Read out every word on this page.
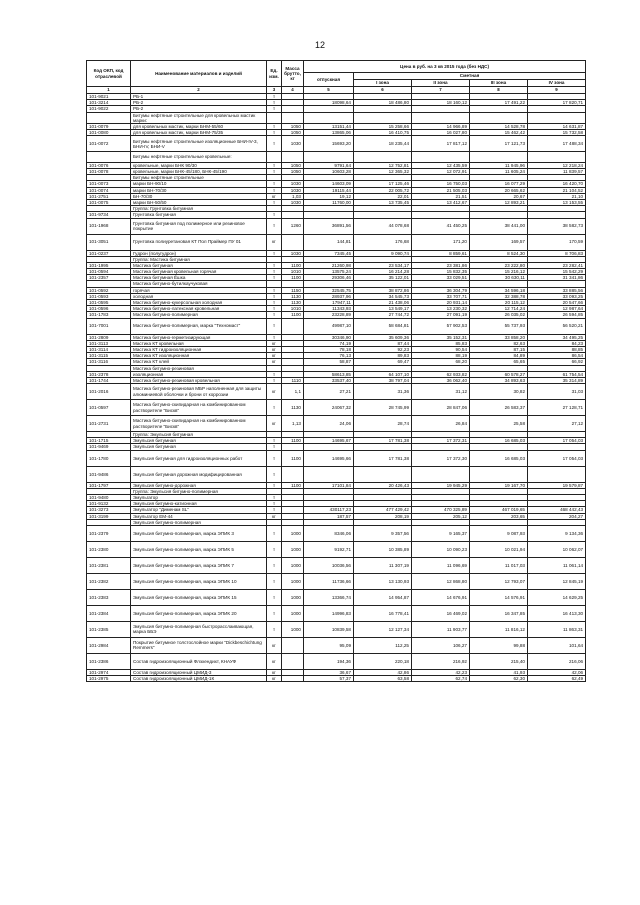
12
Код ОКП, код отраслевой	Наименование материалов и изделий	Ед. изм.	Масса брутто, кг	Цена в руб. на 3 кв 2015 года (без НДС)				
				отпускная	Сметная			
					I зона	II зона	III зона	IV зона
1	2	3	4	5	6	7	8	9
101-9021	РБ-1	т						
101-3214	РБ-2	т		18098,64	18 486,80	18 160,12	17 491,22	17 820,71
101-9022	РБ-2	т						
	Битумы нефтяные строительные для кровельных мастик марки:							
101-0079	для кровельных мастик, марки БНМ-55/60	т	1050	13151,44	15 258,66	14 966,89	14 528,78	14 631,87
101-0080	для кровельных мастик, марки БНМ-75/35	т	1050	13865,06	16 410,75	16 027,80	15 462,42	15 732,58
101-0072	Битумы нефтяные строительные изоляционные БНИ-IV-3, БНИ-IV, БНИ-V	т	1030	15693,20	18 235,44	17 817,12	17 121,73	17 488,34
	Битумы нефтяные строительные кровельные:							
101-0076	кровельные, марки БНК 90/30	т	1050	9791,64	12 752,81	12 435,59	11 945,96	12 218,24
101-0078	кровельные, марки БНК-45/180, БНК-45/190	т	1050	10603,28	12 365,32	12 072,91	11 605,24	11 839,57
	Битумы нефтяные строительные							
101-0073	марки БН-90/10	т	1030	14603,09	17 125,46	16 750,03	16 077,29	16 420,70
101-0074	марки БН-70/30	т	1030	19115,44	22 005,72	21 505,03	20 665,62	21 104,52
101-2751	БН-70/30	кг	1,03	19,12	22,01	21,51	20,67	21,10
101-0075	марки БН-50/50	т	1030	11760,00	13 735,45	13 412,67	12 893,21	13 153,55
	Группа: Грунтовка битумная							
101-9734	Грунтовка битумная	т						
101-1968	Грунтовка битумная под полимерное или резиновое покрытие	т	1260	36891,56	44 078,68	41 450,25	38 441,00	38 582,73
101-3051	Грунтовка полиуретановая КТ Пол Праймер ПУ 01	кг		144,81	176,68	171,20	169,57	170,59
101-0237	Гудрон (полугудрон)	т	1030	7345,45	9 090,74	8 859,61	8 524,30	8 706,83
	Группа: Мастика битумная							
101-1995	Мастика битумная	т	1100	21260,98	23 534,17	23 381,86	23 222,80	23 282,41
101-0594	Мастика битумная кровельная горячая	т	1010	13575,24	16 214,28	15 832,35	15 216,12	15 542,29
101-2357	Мастика битумная Ёшка	т	1100	29306,46	35 122,01	33 029,51	30 630,11	31 341,86
	Мастика битумно-бутилкаучуковая							
101-0592	горячая	т	1150	32545,75	38 872,86	36 304,79	34 596,18	33 885,56
101-0593	холодная	т	1130	28937,96	34 545,73	33 707,71	32 388,78	33 093,25
101-0595	Мастика битумно-кукерсольная холодная	т	1130	17947,11	21 438,06	20 931,14	20 115,12	20 547,66
101-0596	Мастика битумно-латексная кровельная	т	1010	11343,93	13 549,17	13 230,32	12 714,24	12 987,64
101-1783	Мастика битумно-полимерная	т	1100	23228,89	27 744,72	27 091,19	26 035,02	26 594,85
101-7001	Мастика битумно-полимерная, марка "Техномаст"	т		49987,10	58 684,81	57 902,53	55 737,93	56 520,21
101-2809	Мастика битумно-герметизирующая	т		30346,90	35 609,36	35 152,31	33 858,20	34 495,25
101-3113	Мастика КТ кровельная	кг		74,19	87,44	85,83	82,63	84,23
101-3114	Мастика КТ гидроизоляционная	кг		78,18	92,23	90,54	87,15	88,85
101-3115	Мастика КТ изоляционная	кг		76,13	89,83	88,19	84,89	86,54
101-3116	Мастика КТ клей	кг		58,87	69,47	68,20	65,65	66,92
	Мастика битумно-резиновая							
101-2378	изоляционная	т		58613,85	64 107,10	62 933,82	60 578,27	61 754,54
101-1744	Мастика битумно-резиновая кровельная	т	1110	33537,40	38 797,04	36 062,40	34 893,63	35 314,89
101-2016	Мастика битумно-резиновая МБР наполненная для защиты алюминиевой оболочки и брони от коррозии	кг	1,1	27,21	31,36	31,12	30,82	31,03
101-0597	Мастика битумно-скипидарная на комбинированном растворителе "Бискв"	т	1130	24067,32	28 745,99	28 847,06	26 583,37	27 128,71
101-2731	Мастика битумно-скипидарная на комбинированном растворителе "Бискв"	кг	1,13	24,06	28,74	26,84	25,58	27,12
	Группа: Эмульсия битумная							
101-1715	Эмульсия битумная	т	1100	14695,67	17 781,38	17 372,31	16 685,03	17 054,03
101-9469	Эмульсия битумная	т						
101-1780	Эмульсия битумная для гидроизоляционных работ	т	1100	14695,66	17 781,38	17 372,30	16 685,03	17 054,03
101-9486	Эмульсия битумная дорожная модифицированная	т						
101-1797	Эмульсия битумно-дорожная	т	1100	17101,84	20 426,43	19 945,29	19 167,70	19 579,87
	Группа: Эмульсия битумно-полимерная							
101-9480	Эмульгатор	т						
101-9132	Эмульсия битумно-катионная	т						
101-3273	Эмульгатор "Дименам SL"	т		430117,23	477 429,42	470 325,89	467 019,65	468 442,43
101-3199	Эмульгатор ЕМ-44	кг		187,57	208,19	205,12	203,65	204,27
	Эмульсия битумно-полимерная							
101-2379	Эмульсия битумно-полимерная, марка ЭПИК 3	т	1000	8346,06	9 357,56	9 165,37	9 087,93	9 134,36
101-2380	Эмульсия битумно-полимерная, марка ЭПИК 5	т	1000	9192,71	10 385,89	10 090,23	10 021,94	10 062,07
101-2381	Эмульсия битумно-полимерная, марка ЭПИК 7	т	1000	10036,56	11 307,19	11 096,69	11 017,03	11 061,14
101-2382	Эмульсия битумно-полимерная, марка ЭПИК 10	т	1000	11736,66	13 130,93	12 868,80	12 793,07	12 845,19
101-2383	Эмульсия битумно-полимерная, марка ЭПИК 15	т	1000	13366,74	14 954,87	14 676,91	14 576,91	14 629,25
101-2384	Эмульсия битумно-полимерная, марка ЭПИК 20	т	1000	14996,83	16 778,41	16 469,02	16 347,85	16 413,30
101-2385	Эмульсия битумно-полимерная быстрорасслаивающая, марка ББЭ	т	1000	10839,58	12 127,34	11 903,77	11 816,12	11 863,31
101-2984	Покрытие битумное толстослойное марки "Dickbeschichtung Remmers"	кг		95,09	112,25	106,27	99,88	101,64
101-2386	Состав гидроизоляционный Флэхендихт, КНАУФ	кг		194,36	220,18	216,92	215,40	216,06
101-2974	Состав гидроизоляционный ЦМИД-3	кг		36,67	42,86	42,23	41,93	42,06
101-2975	Состав гидроизоляционный ЦМИД-1К	кг		57,37	63,58	62,74	62,30	62,49
